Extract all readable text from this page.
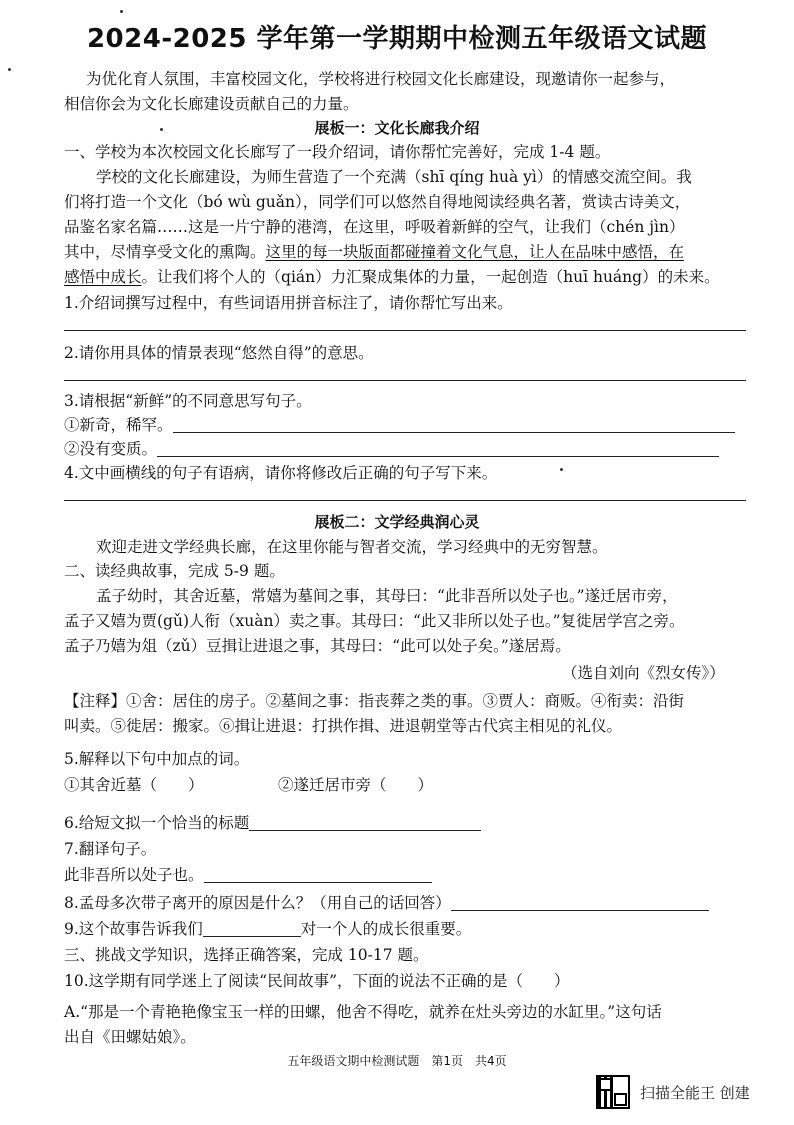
2024-2025 学年第一学期期中检测五年级语文试题
为优化育人氛围，丰富校园文化，学校将进行校园文化长廊建设，现邀请你一起参与，
相信你会为文化长廊建设贡献自己的力量。
展板一：文化长廊我介绍
一、学校为本次校园文化长廊写了一段介绍词，请你帮忙完善好，完成 1-4 题。
学校的文化长廊建设，为师生营造了一个充满（shī qíng huà yì）的情感交流空间。我
们将打造一个文化（bó wù guǎn），同学们可以悠然自得地阅读经典名著，赏读古诗美文，
品鉴名家名篇……这是一片宁静的港湾，在这里，呼吸着新鲜的空气，让我们（chén jìn）
其中，尽情享受文化的熏陶。这里的每一块版面都碰撞着文化气息，让人在品味中感悟，在
感悟中成长。让我们将个人的（qián）力汇聚成集体的力量，一起创造（huī huáng）的未来。
1.介绍词撰写过程中，有些词语用拼音标注了，请你帮忙写出来。
2.请你用具体的情景表现“悠然自得”的意思。
3.请根据“新鲜”的不同意思写句子。
①新奇，稀罕。
②没有变质。
4.文中画横线的句子有语病，请你将修改后正确的句子写下来。
展板二：文学经典润心灵
欢迎走进文学经典长廊，在这里你能与智者交流，学习经典中的无穷智慧。
二、读经典故事，完成 5-9 题。
孟子幼时，其舍近墓，常嬉为墓间之事，其母曰：“此非吾所以处子也。”遂迁居市旁，
孟子又嬉为贾(gǔ)人衔（xuàn）卖之事。其母曰：“此又非所以处子也。”复徙居学宫之旁。
孟子乃嬉为俎（zǔ）豆揖让进退之事，其母曰：“此可以处子矣。”遂居焉。
（选自刘向《烈女传》）
【注释】①舍：居住的房子。②墓间之事：指丧葬之类的事。③贾人：商贩。④衔卖：沿街
叫卖。⑤徙居：搬家。⑥揖让进退：打拱作揖、进退朝堂等古代宾主相见的礼仪。
5.解释以下句中加点的词。
①其舍近墓（　　）	②遂迁居市旁（　　）
6.给短文拟一个恰当的标题
7.翻译句子。
此非吾所以处子也。
8.孟母多次带子离开的原因是什么？（用自己的话回答）
9.这个故事告诉我们	对一个人的成长很重要。
三、挑战文学知识，选择正确答案，完成 10-17 题。
10.这学期有同学迷上了阅读“民间故事”，下面的说法不正确的是（　　）
A.“那是一个青艳艳像宝玉一样的田螺，他舍不得吃，就养在灶头旁边的水缸里。”这句话
出自《田螺姑娘》。
五年级语文期中检测试题　第1页　共4页
扫描全能王 创建
